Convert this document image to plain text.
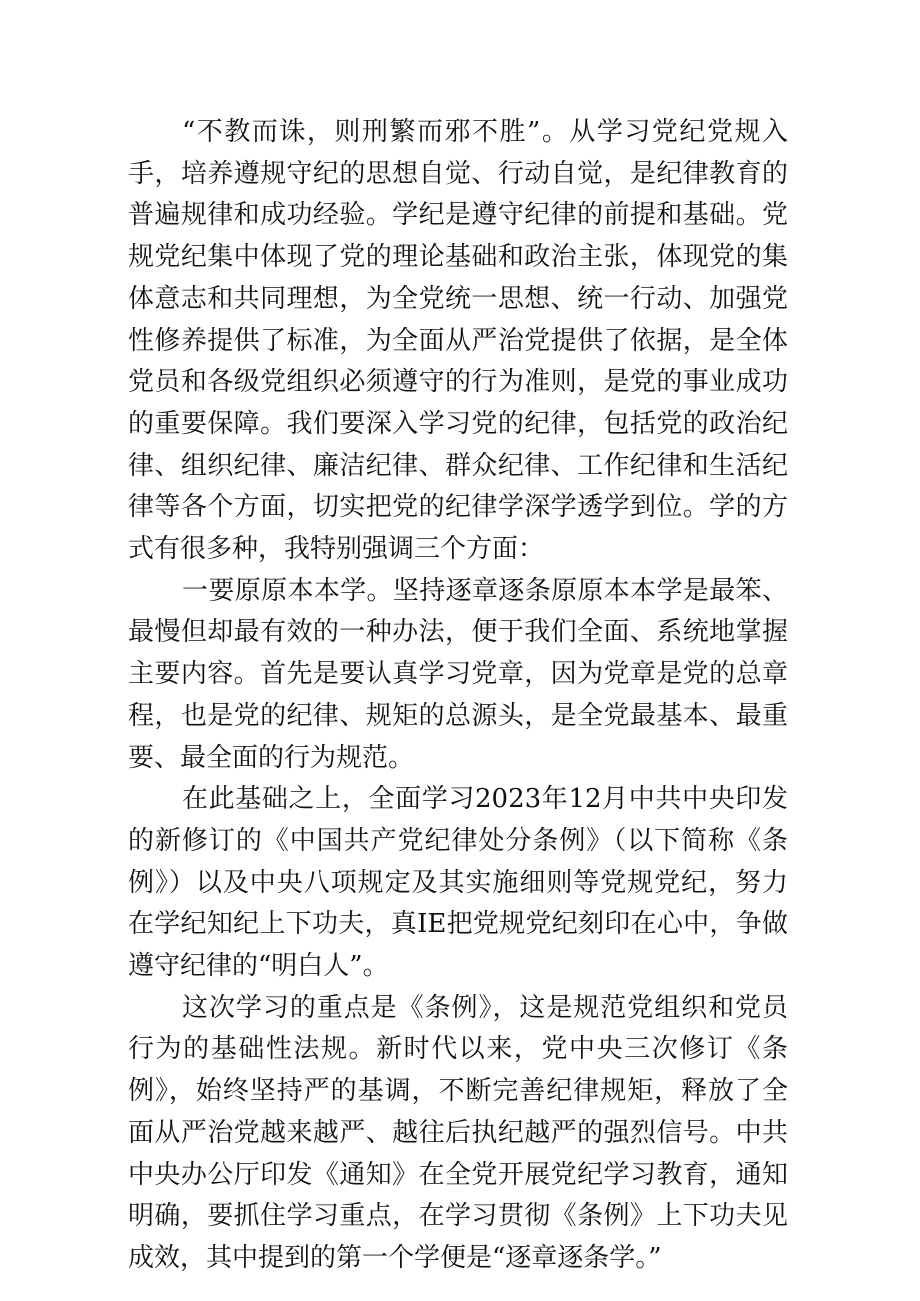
“不教而诛，则刑繁而邪不胜”。从学习党纪党规入手，培养遵规守纪的思想自觉、行动自觉，是纪律教育的普遍规律和成功经验。学纪是遵守纪律的前提和基础。党规党纪集中体现了党的理论基础和政治主张，体现党的集体意志和共同理想，为全党统一思想、统一行动、加强党性修养提供了标准，为全面从严治党提供了依据，是全体党员和各级党组织必须遵守的行为准则，是党的事业成功的重要保障。我们要深入学习党的纪律，包括党的政治纪律、组织纪律、廉洁纪律、群众纪律、工作纪律和生活纪律等各个方面，切实把党的纪律学深学透学到位。学的方式有很多种，我特别强调三个方面：

一要原原本本学。坚持逐章逐条原原本本学是最笨、最慢但却最有效的一种办法，便于我们全面、系统地掌握主要内容。首先是要认真学习党章，因为党章是党的总章程，也是党的纪律、规矩的总源头，是全党最基本、最重要、最全面的行为规范。

在此基础之上，全面学习2023年12月中共中央印发的新修订的《中国共产党纪律处分条例》（以下简称《条例》）以及中央八项规定及其实施细则等党规党纪，努力在学纪知纪上下功夫，真IE把党规党纪刻印在心中，争做遵守纪律的“明白人”。

这次学习的重点是《条例》，这是规范党组织和党员行为的基础性法规。新时代以来，党中央三次修订《条例》，始终坚持严的基调，不断完善纪律规矩，释放了全面从严治党越来越严、越往后执纪越严的强烈信号。中共中央办公厅印发《通知》在全党开展党纪学习教育，通知明确，要抓住学习重点，在学习贯彻《条例》上下功夫见成效，其中提到的第一个学便是“逐章逐条学。”
